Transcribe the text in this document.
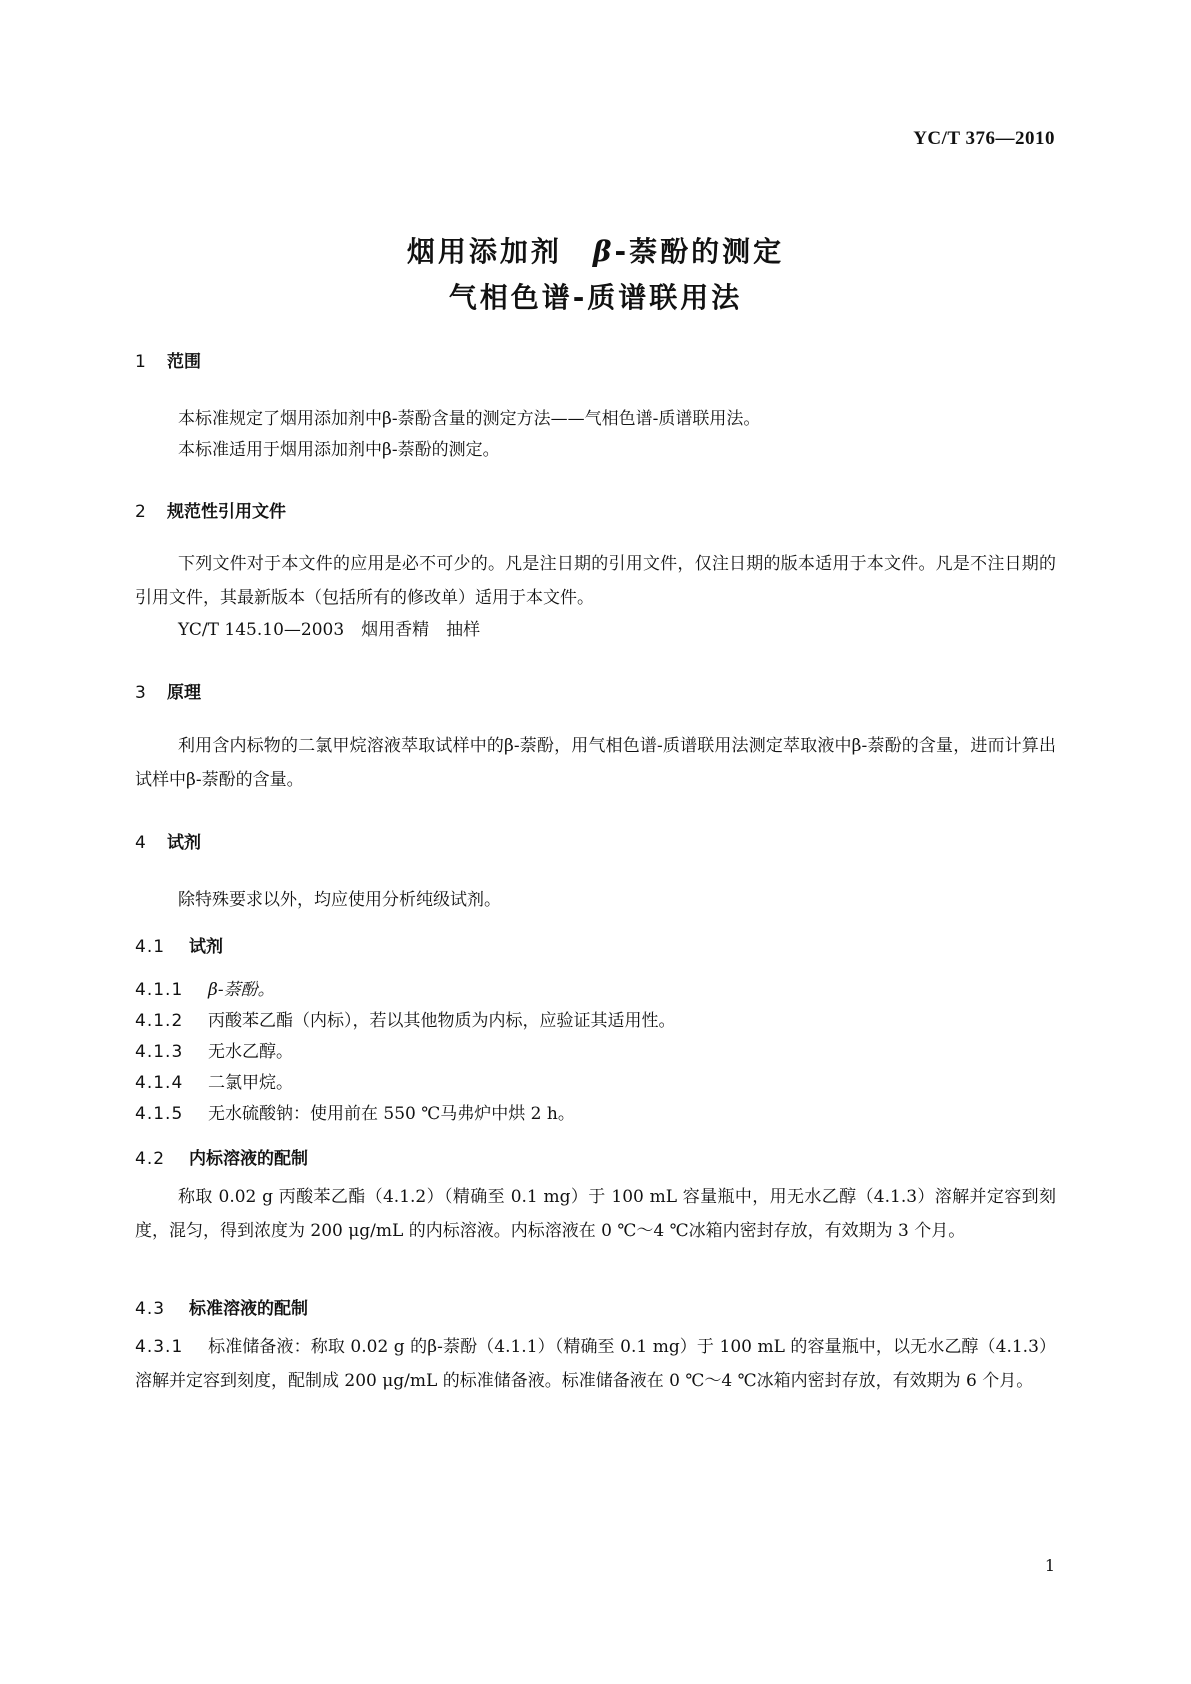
YC/T 376—2010
烟用添加剂　β-萘酚的测定
气相色谱-质谱联用法
1 范围
本标准规定了烟用添加剂中β-萘酚含量的测定方法——气相色谱-质谱联用法。
本标准适用于烟用添加剂中β-萘酚的测定。
2 规范性引用文件
下列文件对于本文件的应用是必不可少的。凡是注日期的引用文件，仅注日期的版本适用于本文件。凡是不注日期的引用文件，其最新版本（包括所有的修改单）适用于本文件。
YC/T 145.10—2003　烟用香精　抽样
3 原理
利用含内标物的二氯甲烷溶液萃取试样中的β-萘酚，用气相色谱-质谱联用法测定萃取液中β-萘酚的含量，进而计算出试样中β-萘酚的含量。
4 试剂
除特殊要求以外，均应使用分析纯级试剂。
4.1 试剂
4.1.1 β-萘酚。
4.1.2 丙酸苯乙酯（内标），若以其他物质为内标，应验证其适用性。
4.1.3 无水乙醇。
4.1.4 二氯甲烷。
4.1.5 无水硫酸钠：使用前在 550 ℃马弗炉中烘 2 h。
4.2 内标溶液的配制
称取 0.02 g 丙酸苯乙酯（4.1.2）（精确至 0.1 mg）于 100 mL 容量瓶中，用无水乙醇（4.1.3）溶解并定容到刻度，混匀，得到浓度为 200 μg/mL 的内标溶液。内标溶液在 0 ℃～4 ℃冰箱内密封存放，有效期为 3 个月。
4.3 标准溶液的配制
4.3.1 标准储备液：称取 0.02 g 的β-萘酚（4.1.1）（精确至 0.1 mg）于 100 mL 的容量瓶中，以无水乙醇（4.1.3）溶解并定容到刻度，配制成 200 μg/mL 的标准储备液。标准储备液在 0 ℃～4 ℃冰箱内密封存放，有效期为 6 个月。
1
